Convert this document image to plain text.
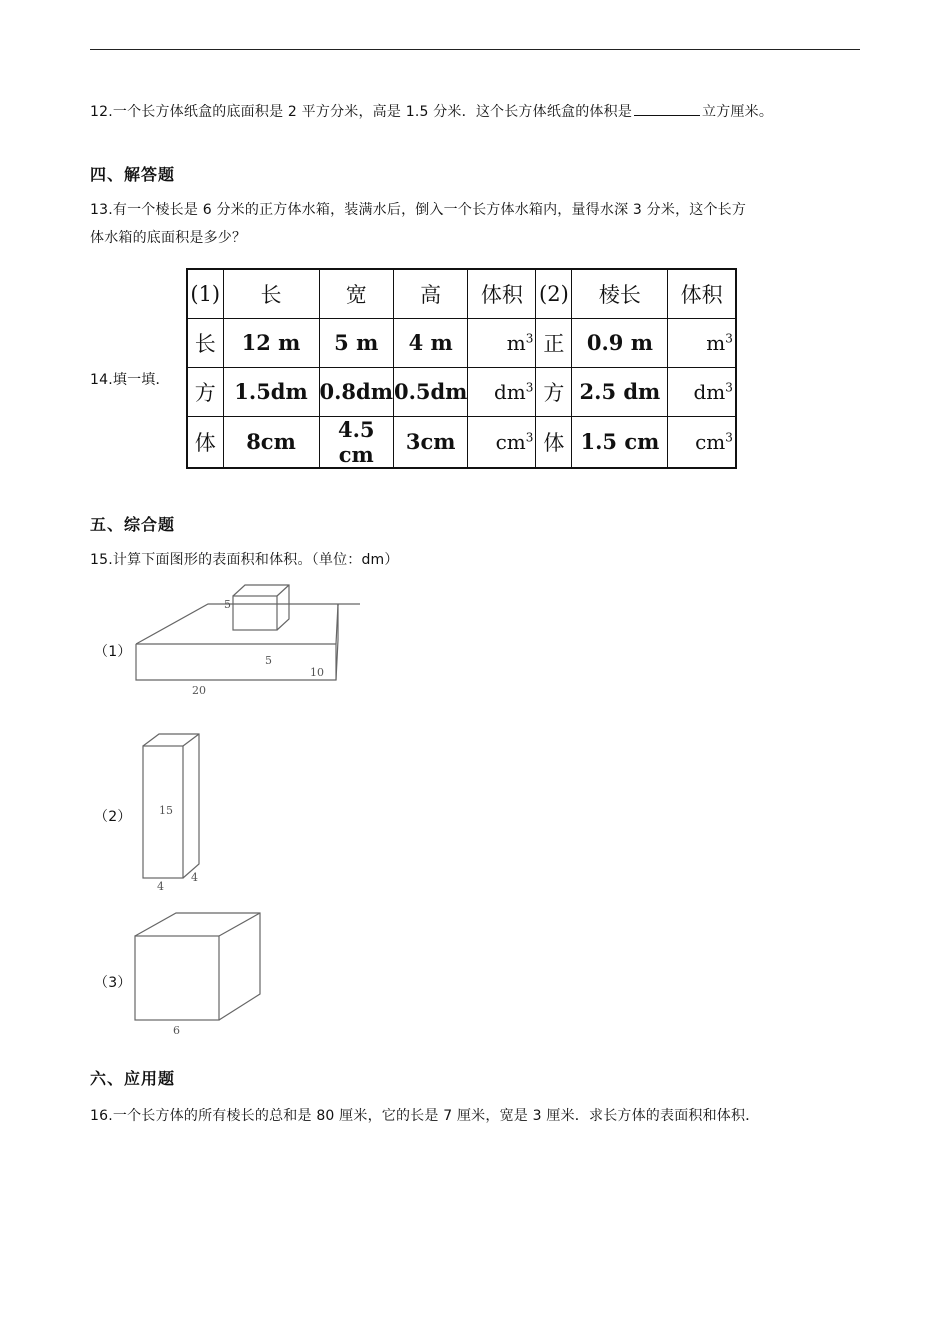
12.一个长方体纸盒的底面积是 2 平方分米，高是 1.5 分米．这个长方体纸盒的体积是	立方厘米。
四、解答题
13.有一个棱长是 6 分米的正方体水箱，装满水后，倒入一个长方体水箱内，量得水深 3 分米，这个长方
体水箱的底面积是多少？
14.填一填．
(1)	长	宽	高	体积	(2)	棱长	体积
长	12 m	5 m	4 m	$m^3$	正	0.9 m	$m^3$
方	1.5dm	0.8dm	0.5dm	$dm^3$	方	2.5 dm	$dm^3$
体	8cm	4.5 cm	3cm	$cm^3$	体	1.5 cm	$cm^3$
五、综合题
15.计算下面图形的表面积和体积。（单位：dm）
（1）
5
5
10
20
（2） 15
4
4
（3）
6
六、应用题
16.一个长方体的所有棱长的总和是 80 厘米，它的长是 7 厘米，宽是 3 厘米．求长方体的表面积和体积．
